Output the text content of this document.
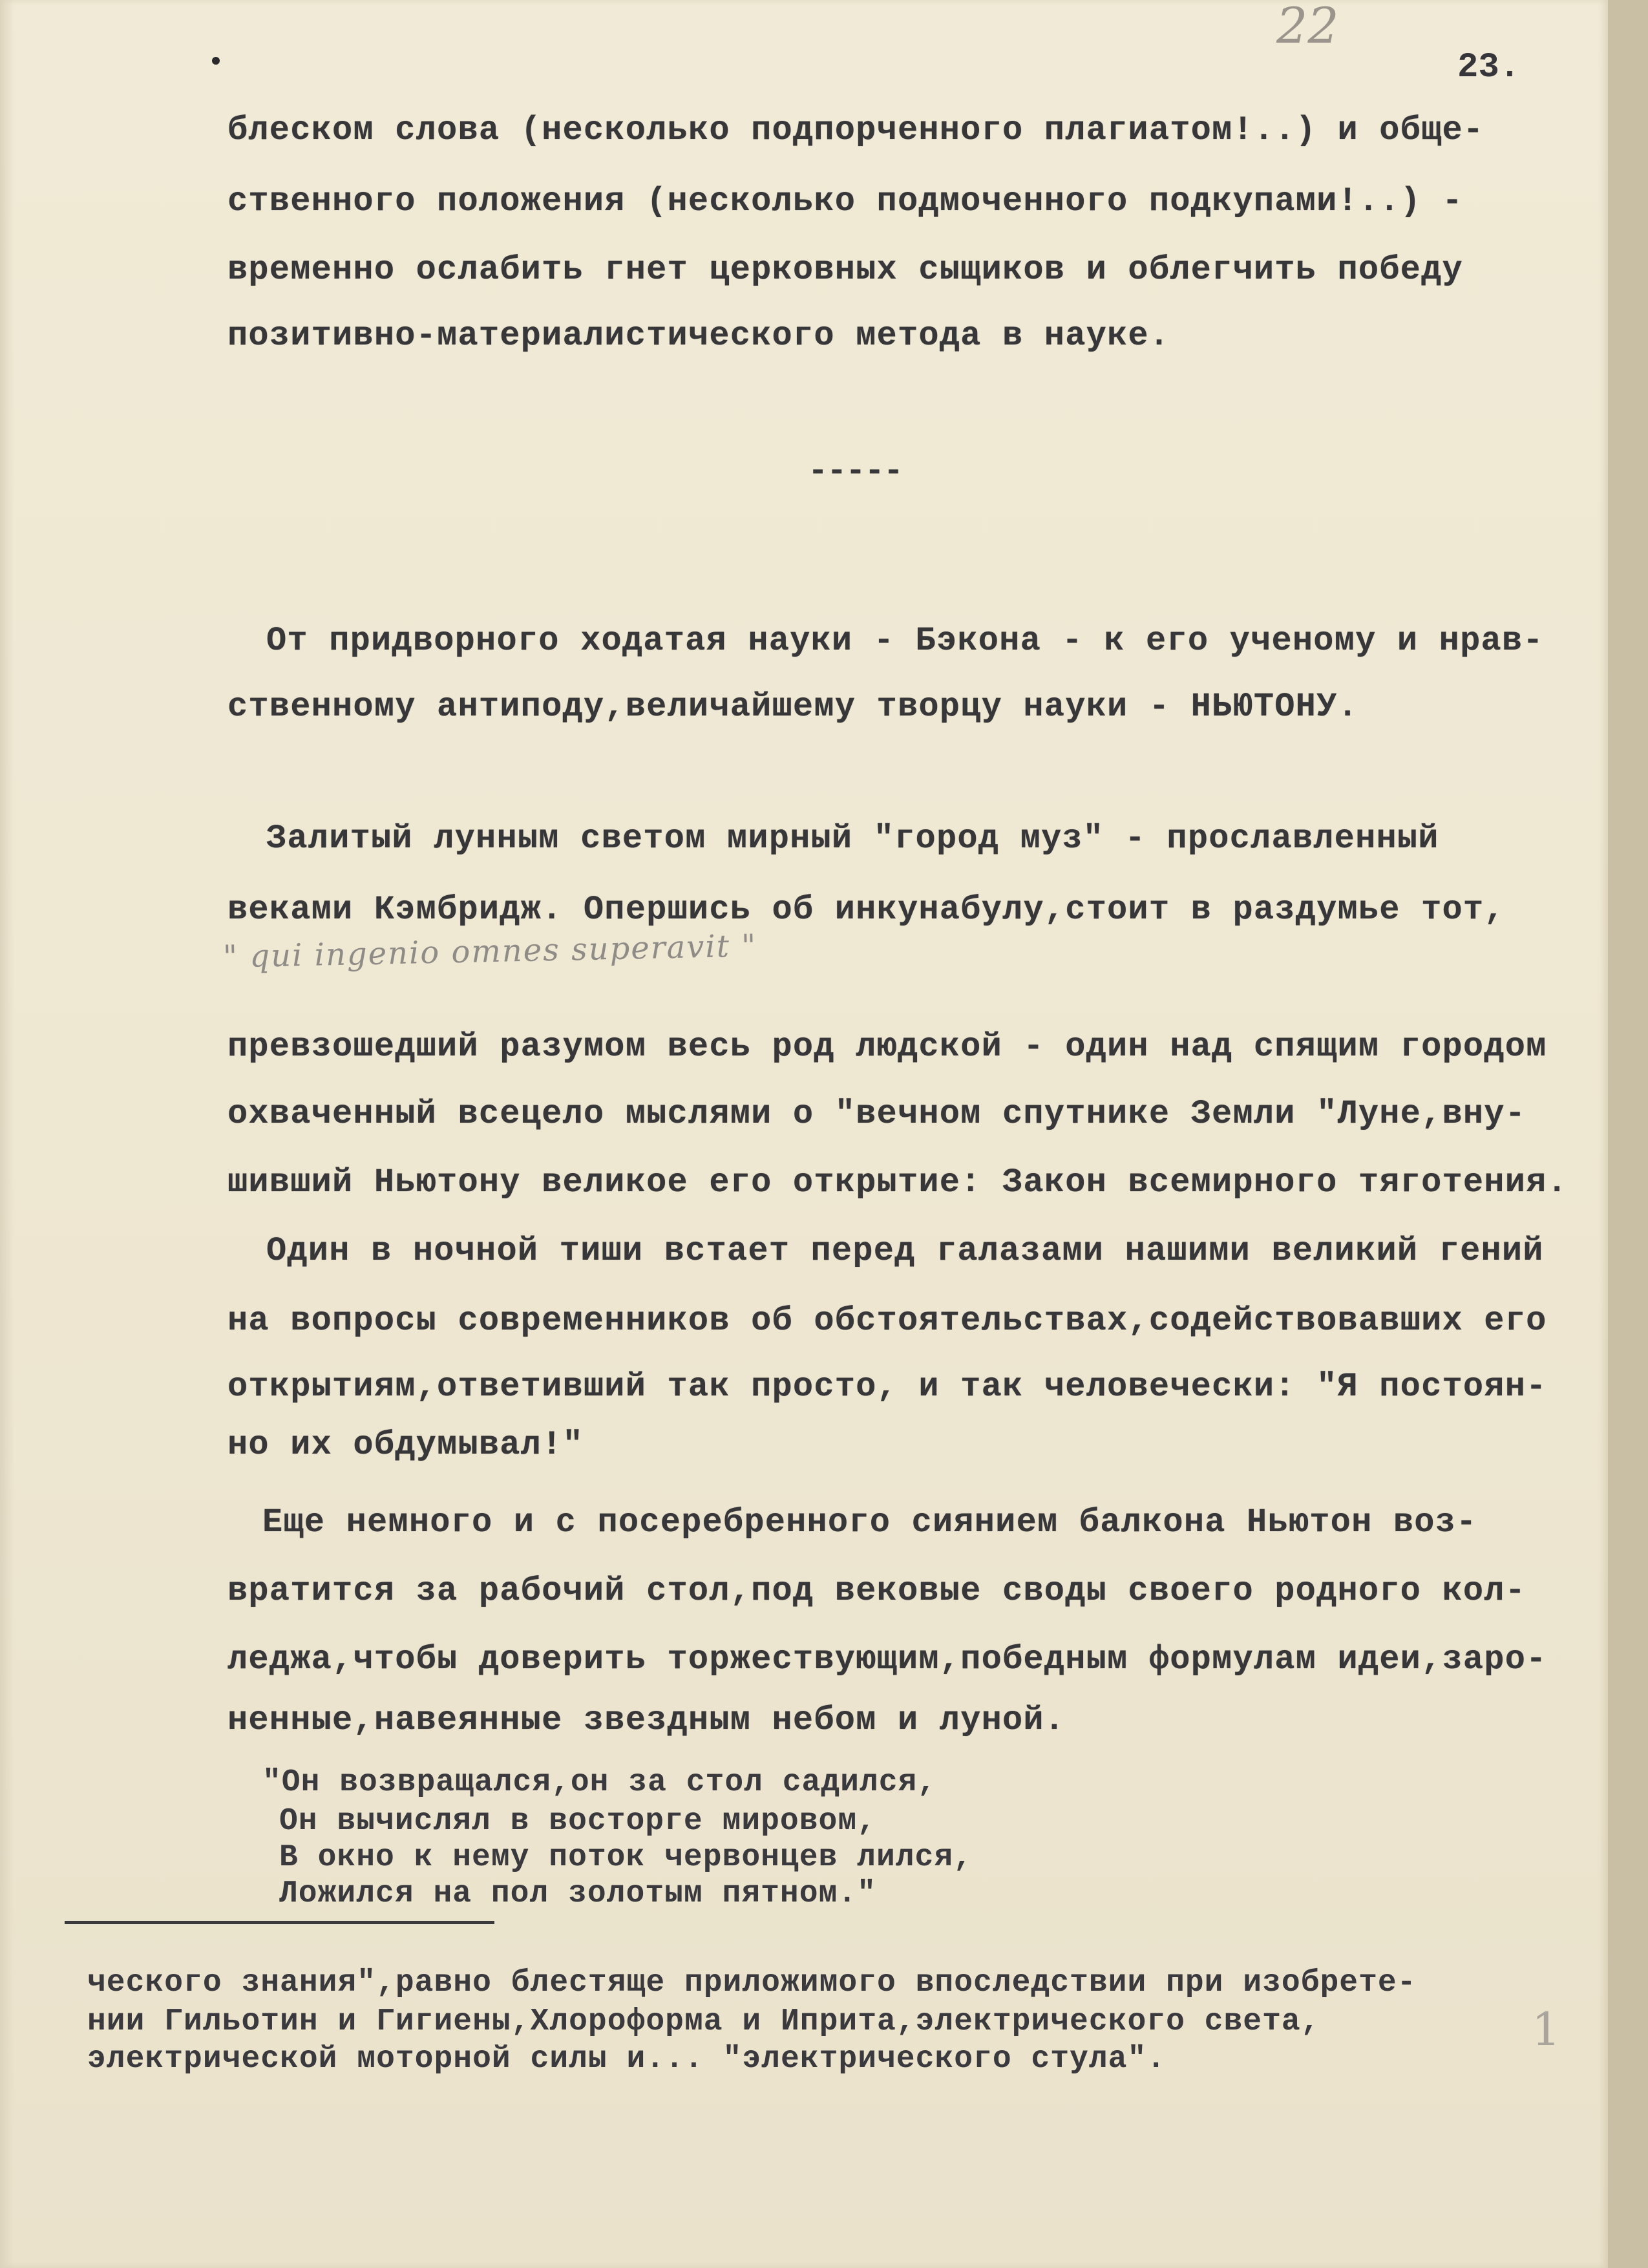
22
23.
блеском слова (несколько подпорченного плагиатом!..) и обще-
ственного положения (несколько подмоченного подкупами!..) -
временно ослабить гнет церковных сыщиков и облегчить победу
позитивно-материалистического метода в науке.
-----
От придворного ходатая науки - Бэкона - к его ученому и нрав-
ственному антиподу,величайшему творцу науки - НЬЮТОНУ.
Залитый лунным светом мирный "город муз" - прославленный
веками Кэмбридж. Опершись об инкунабулу,стоит в раздумье тот,
" qui ingenio omnes superavit "
превзошедший разумом весь род людской - один над спящим городом
охваченный всецело мыслями о "вечном спутнике Земли "Луне,вну-
шивший Ньютону великое его открытие: Закон всемирного тяготения.
Один в ночной тиши встает перед галазами нашими великий гений
на вопросы современников об обстоятельствах,содействовавших его
открытиям,ответивший так просто, и так человечески: "Я постоян-
но их обдумывал!"
Еще немного и с посеребренного сиянием балкона Ньютон воз-
вратится за рабочий стол,под вековые своды своего родного кол-
леджа,чтобы доверить торжествующим,победным формулам идеи,заро-
ненные,навеянные звездным небом и луной.
"Он возвращался,он за стол садился,
Он вычислял в восторге мировом,
В окно к нему поток червонцев лился,
Ложился на пол золотым пятном."
ческого знания",равно блестяще приложимого впоследствии при изобрете-
нии Гильотин и Гигиены,Хлороформа и Иприта,электрического света,
электрической моторной силы и... "электрического стула".
1
